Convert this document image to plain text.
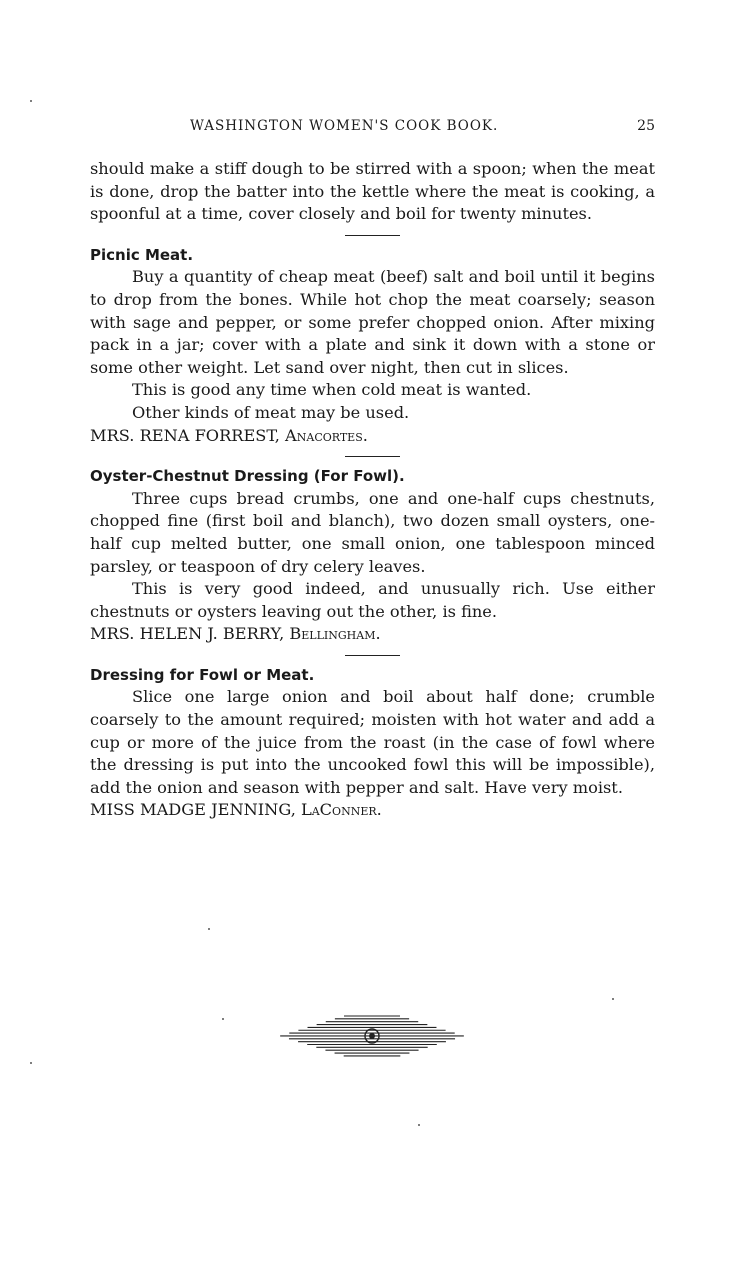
WASHINGTON WOMEN'S COOK BOOK.	25

should make a stiff dough to be stirred with a spoon; when the meat is done, drop the batter into the kettle where the meat is cooking, a spoonful at a time, cover closely and boil for twenty minutes.

Picnic Meat.

Buy a quantity of cheap meat (beef) salt and boil until it begins to drop from the bones. While hot chop the meat coarsely; season with sage and pepper, or some prefer chopped onion. After mixing pack in a jar; cover with a plate and sink it down with a stone or some other weight. Let sand over night, then cut in slices.

This is good any time when cold meat is wanted.

Other kinds of meat may be used.

MRS. RENA FORREST, Anacortes.

Oyster-Chestnut Dressing (For Fowl).

Three cups bread crumbs, one and one-half cups chestnuts, chopped fine (first boil and blanch), two dozen small oysters, one-half cup melted butter, one small onion, one tablespoon minced parsley, or teaspoon of dry celery leaves.

This is very good indeed, and unusually rich. Use either chestnuts or oysters leaving out the other, is fine.

MRS. HELEN J. BERRY, Bellingham.

Dressing for Fowl or Meat.

Slice one large onion and boil about half done; crumble coarsely to the amount required; moisten with hot water and add a cup or more of the juice from the roast (in the case of fowl where the dressing is put into the uncooked fowl this will be impossible), add the onion and season with pepper and salt. Have very moist.

MISS MADGE JENNING, LaConner.
